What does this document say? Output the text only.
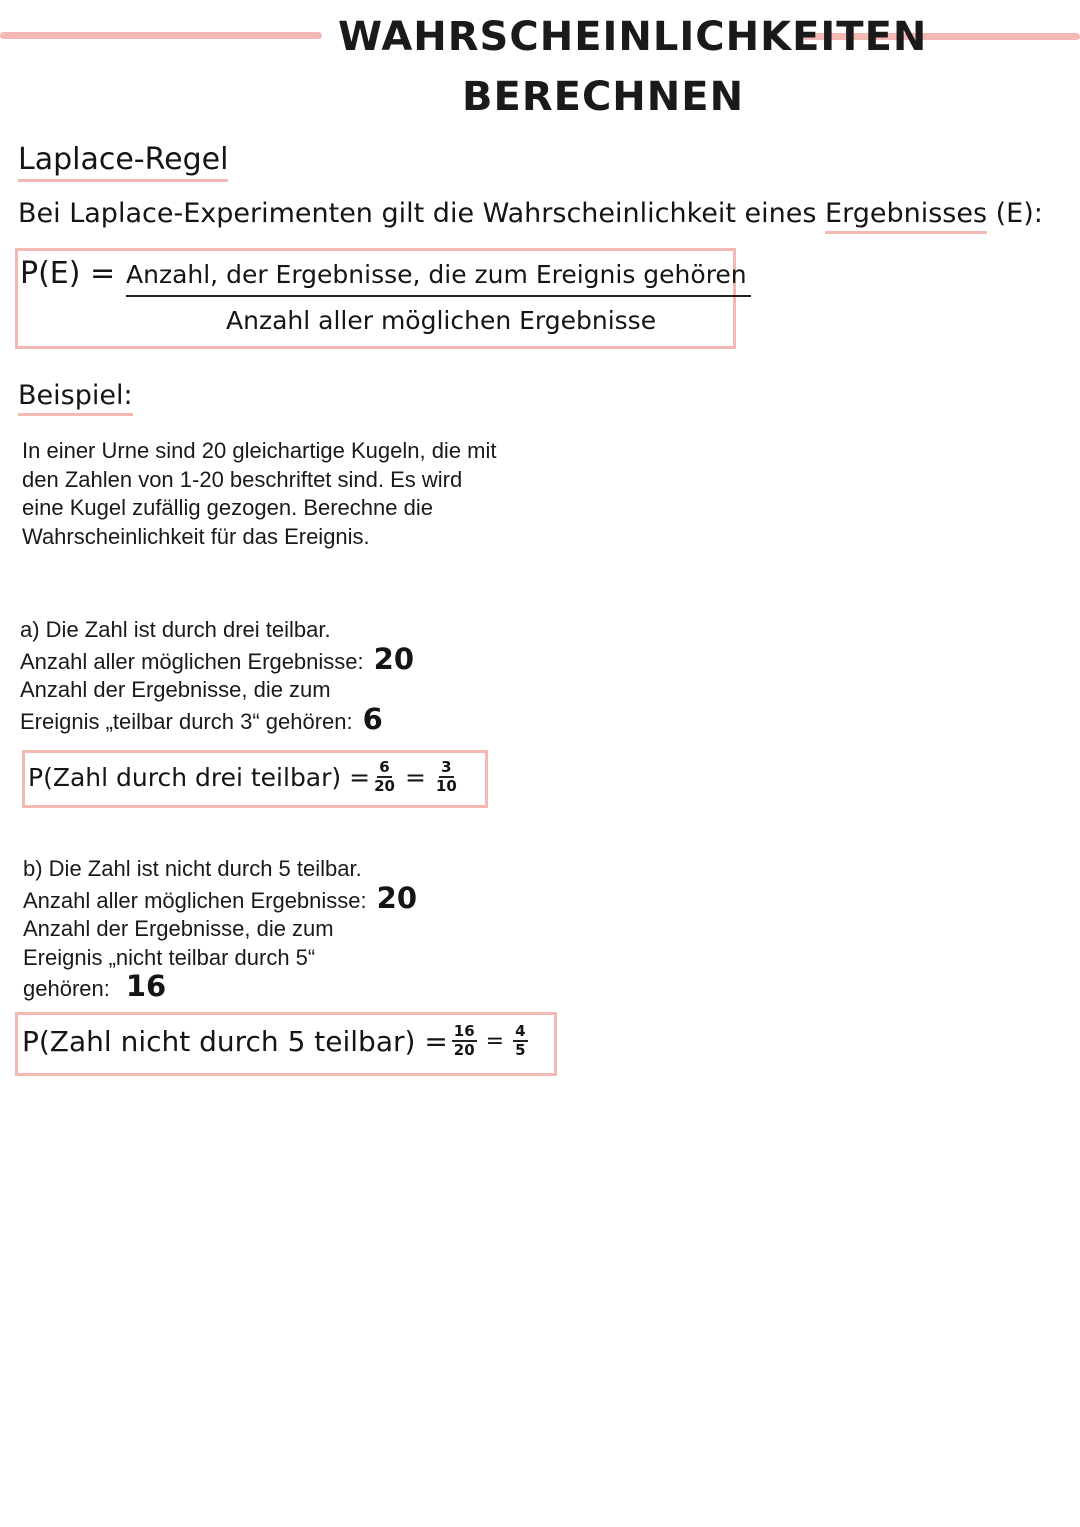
WAHRSCHEINLICHKEITEN
BERECHNEN
Laplace-Regel
Bei Laplace-Experimenten gilt die Wahrscheinlichkeit eines Ergebnisses (E):
P(E) = Anzahl, der Ergebnisse, die zum Ereignis gehören
Anzahl aller möglichen Ergebnisse
Beispiel:
In einer Urne sind 20 gleichartige Kugeln, die mit
den Zahlen von 1-20 beschriftet sind. Es wird
eine Kugel zufällig gezogen. Berechne die
Wahrscheinlichkeit für das Ereignis.
a) Die Zahl ist durch drei teilbar.
Anzahl aller möglichen Ergebnisse: 20
Anzahl der Ergebnisse, die zum
Ereignis „teilbar durch 3“ gehören: 6
P(Zahl durch drei teilbar) = $\frac{6}{20} = \frac{3}{10}$
b) Die Zahl ist nicht durch 5 teilbar.
Anzahl aller möglichen Ergebnisse: 20
Anzahl der Ergebnisse, die zum
Ereignis „nicht teilbar durch 5“
gehören: 16
P(Zahl nicht durch 5 teilbar) = $\frac{16}{20} = \frac{4}{5}$
